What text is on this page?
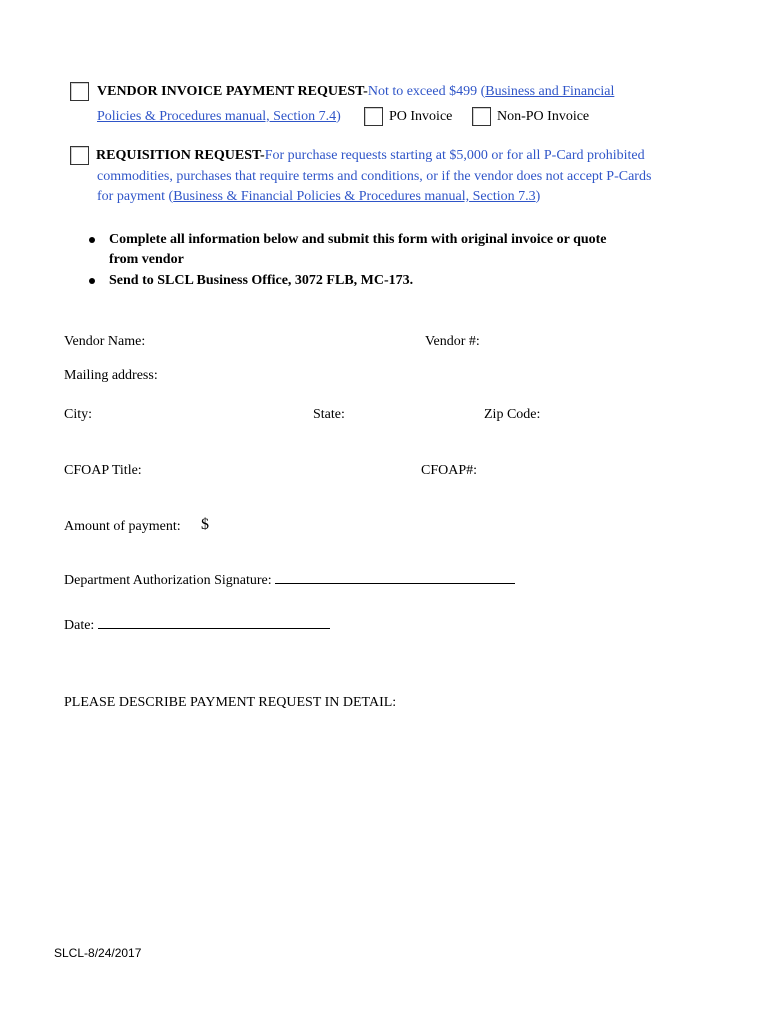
VENDOR INVOICE PAYMENT REQUEST-Not to exceed $499 (Business and Financial
Policies & Procedures manual, Section 7.4)	PO Invoice	Non-PO Invoice
REQUISITION REQUEST-For purchase requests starting at $5,000 or for all P-Card prohibited
commodities, purchases that require terms and conditions, or if the vendor does not accept P-Cards
for payment (Business & Financial Policies & Procedures manual, Section 7.3)
Complete all information below and submit this form with original invoice or quote
from vendor
Send to SLCL Business Office, 3072 FLB, MC-173.
Vendor Name:	Vendor #:
Mailing address:
City:	State:	Zip Code:
CFOAP Title:	CFOAP#:
Amount of payment: $
Department Authorization Signature:
Date:
PLEASE DESCRIBE PAYMENT REQUEST IN DETAIL:
SLCL-8/24/2017
